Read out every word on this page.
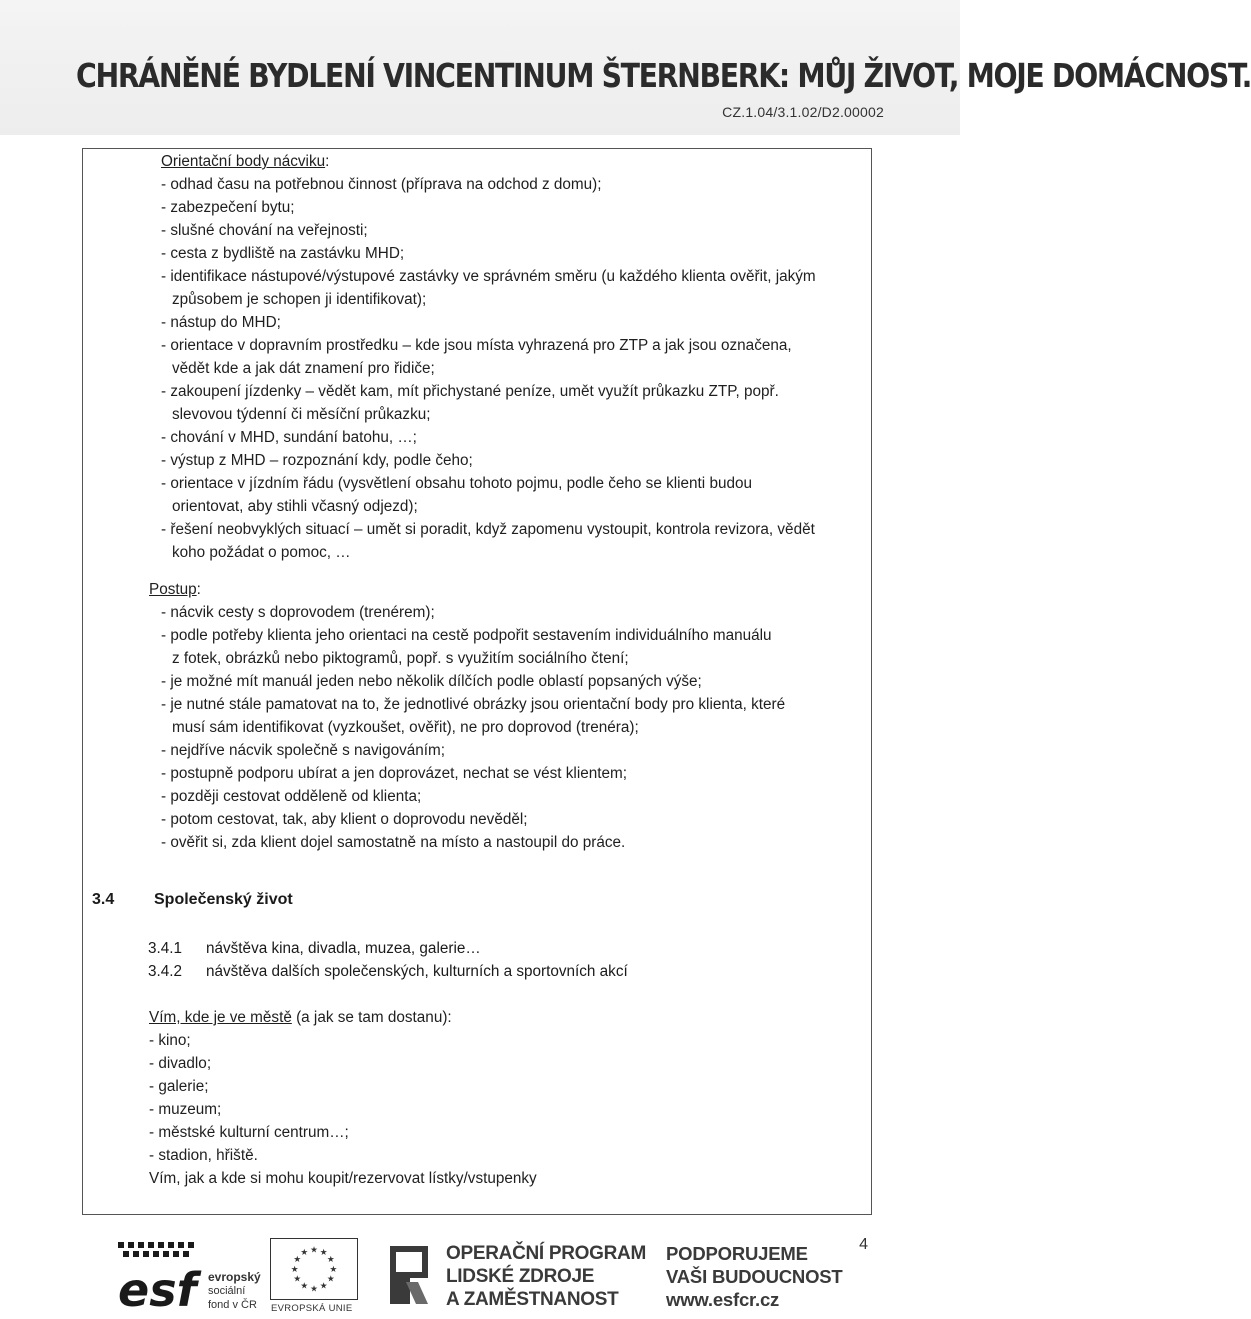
CHRÁNĚNÉ BYDLENÍ VINCENTINUM ŠTERNBERK: MŮJ ŽIVOT, MOJE DOMÁCNOST.
CZ.1.04/3.1.02/D2.00002
Orientační body nácviku:
- odhad času na potřebnou činnost (příprava na odchod z domu);
- zabezpečení bytu;
- slušné chování na veřejnosti;
- cesta z bydliště na zastávku MHD;
- identifikace nástupové/výstupové zastávky ve správném směru (u každého klienta ověřit, jakým
způsobem je schopen ji identifikovat);
- nástup do MHD;
- orientace v dopravním prostředku – kde jsou místa vyhrazená pro ZTP a jak jsou označena,
vědět kde a jak dát znamení pro řidiče;
- zakoupení jízdenky – vědět kam, mít přichystané peníze, umět využít průkazku ZTP, popř.
slevovou týdenní či měsíční průkazku;
- chování v MHD, sundání batohu, …;
- výstup z MHD – rozpoznání kdy, podle čeho;
- orientace v jízdním řádu (vysvětlení obsahu tohoto pojmu, podle čeho se klienti budou
orientovat, aby stihli včasný odjezd);
- řešení neobvyklých situací – umět si poradit, když zapomenu vystoupit, kontrola revizora, vědět
koho požádat o pomoc, …
Postup:
- nácvik cesty s doprovodem (trenérem);
- podle potřeby klienta jeho orientaci na cestě podpořit sestavením individuálního manuálu
z fotek, obrázků nebo piktogramů, popř. s využitím sociálního čtení;
- je možné mít manuál jeden nebo několik dílčích podle oblastí popsaných výše;
- je nutné stále pamatovat na to, že jednotlivé obrázky jsou orientační body pro klienta, které
musí sám identifikovat (vyzkoušet, ověřit), ne pro doprovod (trenéra);
- nejdříve nácvik společně s navigováním;
- postupně podporu ubírat a jen doprovázet, nechat se vést klientem;
- později cestovat odděleně od klienta;
- potom cestovat, tak, aby klient o doprovodu nevěděl;
- ověřit si, zda klient dojel samostatně na místo a nastoupil do práce.
3.4 Společenský život
3.4.1 návštěva kina, divadla, muzea, galerie…
3.4.2 návštěva dalších společenských, kulturních a sportovních akcí
Vím, kde je ve městě (a jak se tam dostanu):
- kino;
- divadlo;
- galerie;
- muzeum;
- městské kulturní centrum…;
- stadion, hřiště.
Vím, jak a kde si mohu koupit/rezervovat lístky/vstupenky
4
esf evropský
sociální
fond v ČR
★ ★
★
★
★
★
★
★
★
★
★
★
EVROPSKÁ UNIE
OPERAČNÍ PROGRAM
LIDSKÉ ZDROJE
A ZAMĚSTNANOST
PODPORUJEME
VAŠI BUDOUCNOST
www.esfcr.cz
